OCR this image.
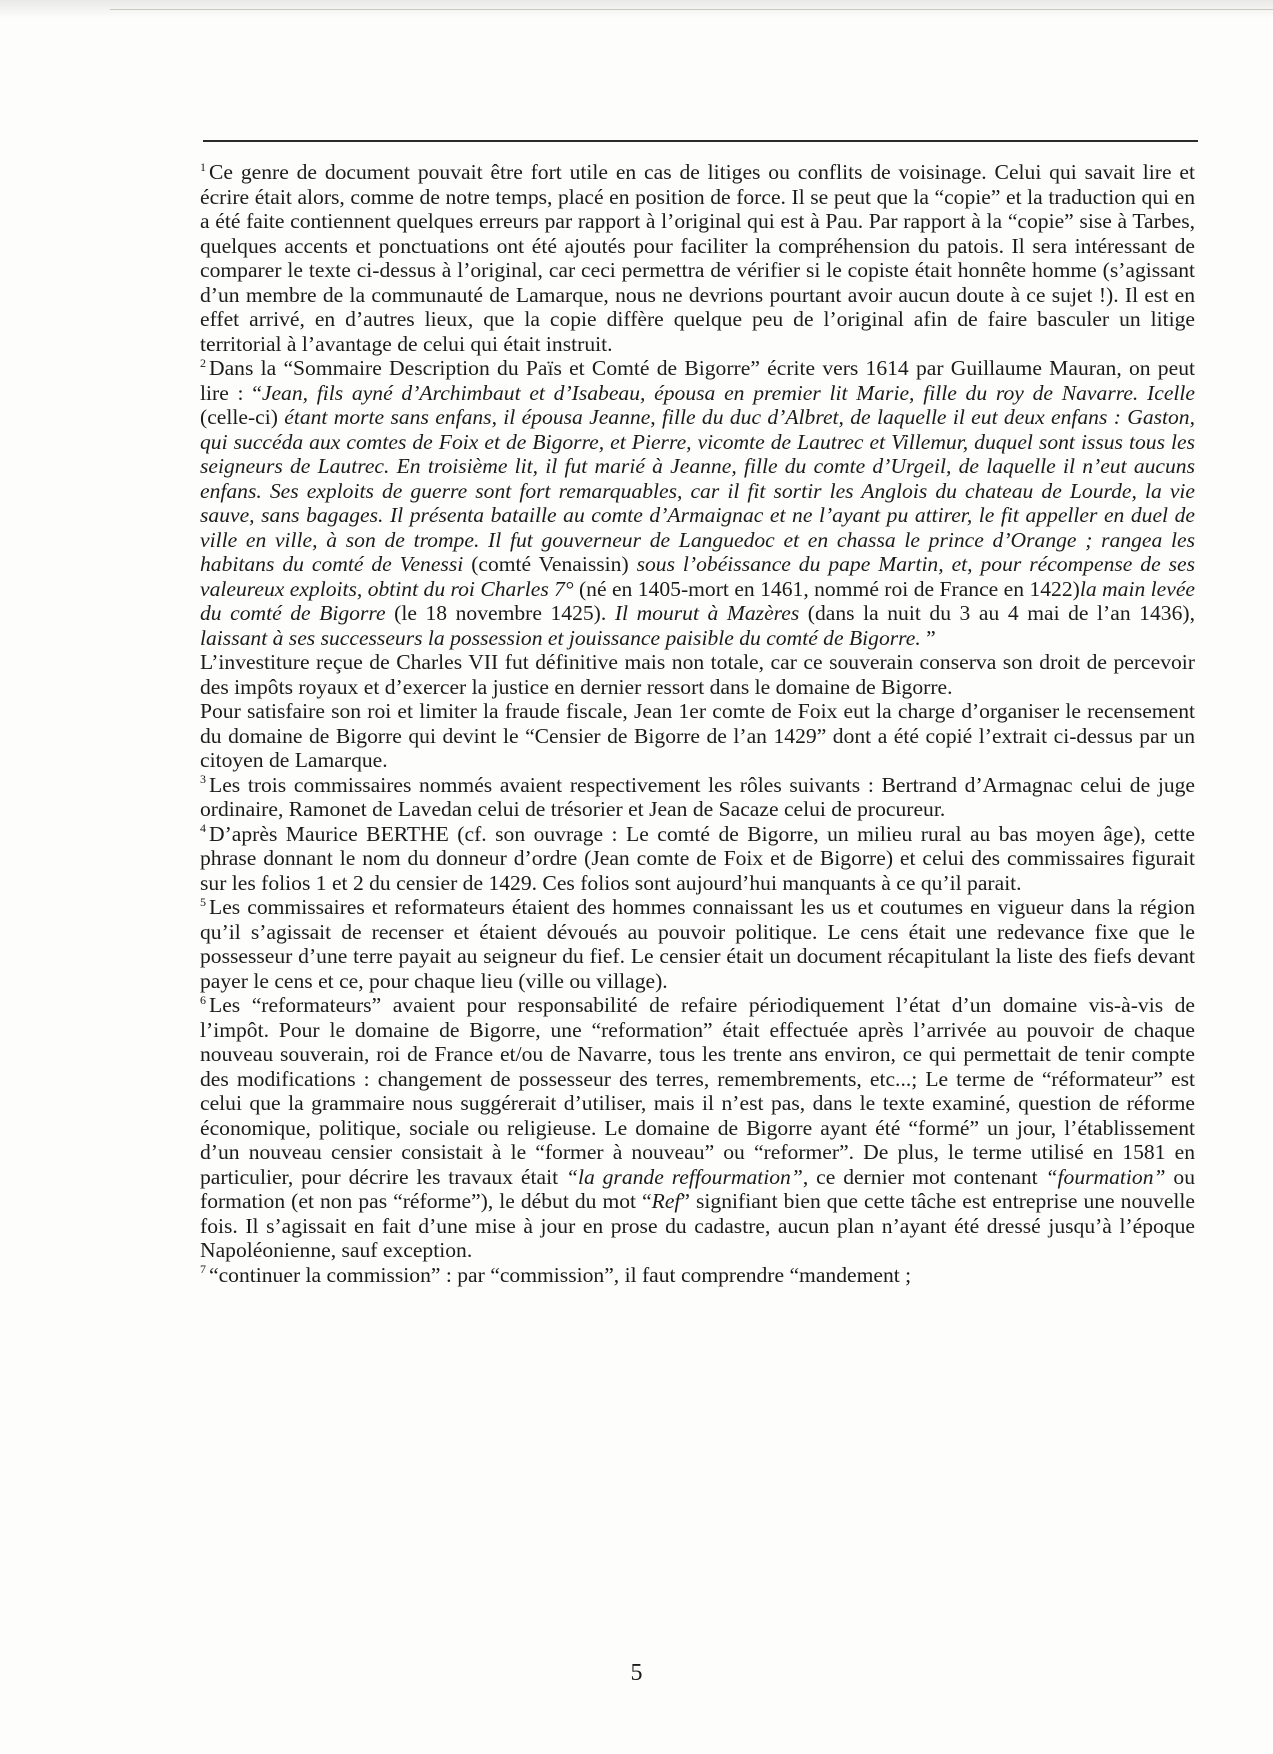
$^1$ Ce genre de document pouvait être fort utile en cas de litiges ou conflits de voisinage. Celui qui savait lire et écrire était alors, comme de notre temps, placé en position de force. Il se peut que la “copie” et la traduction qui en a été faite contiennent quelques erreurs par rapport à l’original qui est à Pau. Par rapport à la “copie” sise à Tarbes, quelques accents et ponctuations ont été ajoutés pour faciliter la compréhension du patois. Il sera intéressant de comparer le texte ci-dessus à l’original, car ceci permettra de vérifier si le copiste était honnête homme (s’agissant d’un membre de la communauté de Lamarque, nous ne devrions pourtant avoir aucun doute à ce sujet !). Il est en effet arrivé, en d’autres lieux, que la copie diffère quelque peu de l’original afin de faire basculer un litige territorial à l’avantage de celui qui était instruit.

$^2$ Dans la “Sommaire Description du Païs et Comté de Bigorre” écrite vers 1614 par Guillaume Mauran, on peut lire : “Jean, fils ayné d’Archimbaut et d’Isabeau, épousa en premier lit Marie, fille du roy de Navarre. Icelle (celle-ci) étant morte sans enfans, il épousa Jeanne, fille du duc d’Albret, de laquelle il eut deux enfans : Gaston, qui succéda aux comtes de Foix et de Bigorre, et Pierre, vicomte de Lautrec et Villemur, duquel sont issus tous les seigneurs de Lautrec. En troisième lit, il fut marié à Jeanne, fille du comte d’Urgeil, de laquelle il n’eut aucuns enfans. Ses exploits de guerre sont fort remarquables, car il fit sortir les Anglois du chateau de Lourde, la vie sauve, sans bagages. Il présenta bataille au comte d’Armaignac et ne l’ayant pu attirer, le fit appeller en duel de ville en ville, à son de trompe. Il fut gouverneur de Languedoc et en chassa le prince d’Orange ; rangea les habitans du comté de Venessi (comté Venaissin) sous l’obéissance du pape Martin, et, pour récompense de ses valeureux exploits, obtint du roi Charles 7° (né en 1405-mort en 1461, nommé roi de France en 1422)la main levée du comté de Bigorre (le 18 novembre 1425). Il mourut à Mazères (dans la nuit du 3 au 4 mai de l’an 1436), laissant à ses successeurs la possession et jouissance paisible du comté de Bigorre. ”

L’investiture reçue de Charles VII fut définitive mais non totale, car ce souverain conserva son droit de percevoir des impôts royaux et d’exercer la justice en dernier ressort dans le domaine de Bigorre.

Pour satisfaire son roi et limiter la fraude fiscale, Jean 1er comte de Foix eut la charge d’organiser le recensement du domaine de Bigorre qui devint le “Censier de Bigorre de l’an 1429” dont a été copié l’extrait ci-dessus par un citoyen de Lamarque.

$^3$ Les trois commissaires nommés avaient respectivement les rôles suivants : Bertrand d’Armagnac celui de juge ordinaire, Ramonet de Lavedan celui de trésorier et Jean de Sacaze celui de procureur.

$^4$ D’après Maurice BERTHE (cf. son ouvrage : Le comté de Bigorre, un milieu rural au bas moyen âge), cette phrase donnant le nom du donneur d’ordre (Jean comte de Foix et de Bigorre) et celui des commissaires figurait sur les folios 1 et 2 du censier de 1429. Ces folios sont aujourd’hui manquants à ce qu’il parait.

$^5$ Les commissaires et reformateurs étaient des hommes connaissant les us et coutumes en vigueur dans la région qu’il s’agissait de recenser et étaient dévoués au pouvoir politique. Le cens était une redevance fixe que le possesseur d’une terre payait au seigneur du fief. Le censier était un document récapitulant la liste des fiefs devant payer le cens et ce, pour chaque lieu (ville ou village).

$^6$ Les “reformateurs” avaient pour responsabilité de refaire périodiquement l’état d’un domaine vis-à-vis de l’impôt. Pour le domaine de Bigorre, une “reformation” était effectuée après l’arrivée au pouvoir de chaque nouveau souverain, roi de France et/ou de Navarre, tous les trente ans environ, ce qui permettait de tenir compte des modifications : changement de possesseur des terres, remembrements, etc...; Le terme de “réformateur” est celui que la grammaire nous suggérerait d’utiliser, mais il n’est pas, dans le texte examiné, question de réforme économique, politique, sociale ou religieuse. Le domaine de Bigorre ayant été “formé” un jour, l’établissement d’un nouveau censier consistait à le “former à nouveau” ou “reformer”. De plus, le terme utilisé en 1581 en particulier, pour décrire les travaux était “la grande reffourmation”, ce dernier mot contenant “fourmation” ou formation (et non pas “réforme”), le début du mot “Ref” signifiant bien que cette tâche est entreprise une nouvelle fois. Il s’agissait en fait d’une mise à jour en prose du cadastre, aucun plan n’ayant été dressé jusqu’à l’époque Napoléonienne, sauf exception.

$^7$ “continuer la commission” : par “commission”, il faut comprendre “mandement ;

5
